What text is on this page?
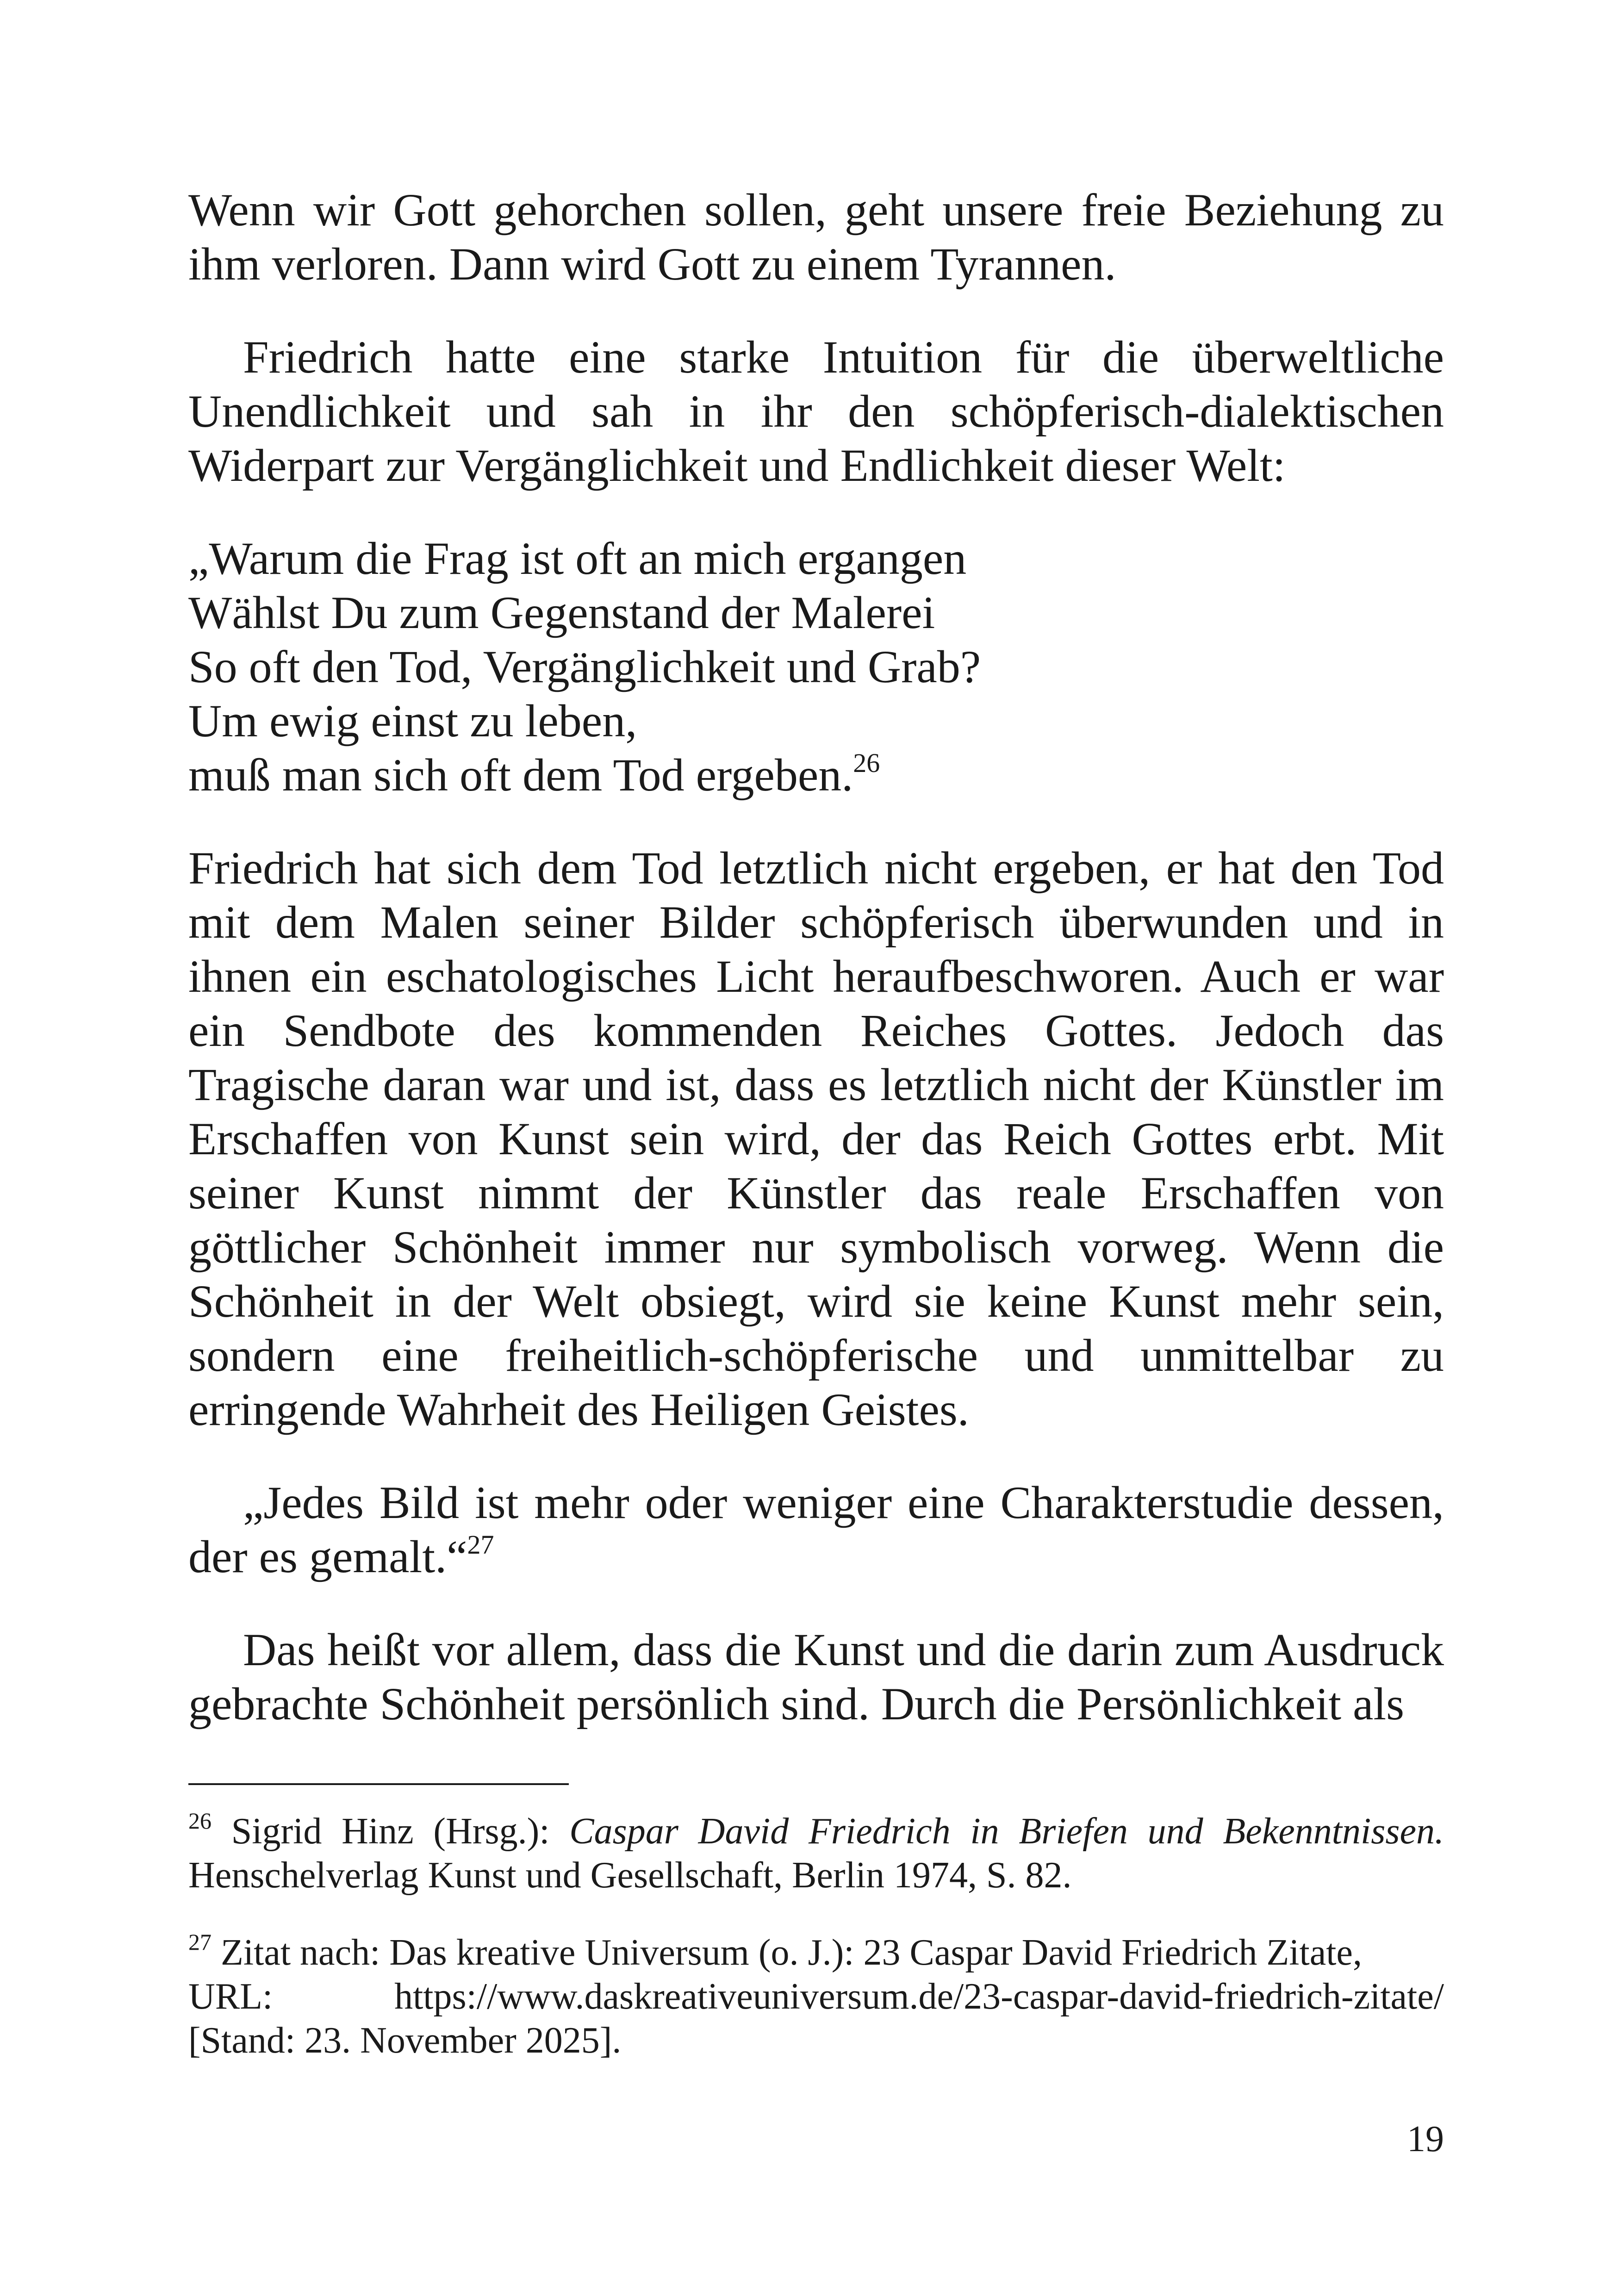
Wenn wir Gott gehorchen sollen, geht unsere freie Beziehung zu ihm verloren. Dann wird Gott zu einem Tyrannen.

Friedrich hatte eine starke Intuition für die überweltliche Unendlichkeit und sah in ihr den schöpferisch-dialektischen Widerpart zur Vergänglichkeit und Endlichkeit dieser Welt:

„Warum die Frag ist oft an mich ergangen
Wählst Du zum Gegenstand der Malerei
So oft den Tod, Vergänglichkeit und Grab?
Um ewig einst zu leben,
muß man sich oft dem Tod ergeben.$^{26}$

Friedrich hat sich dem Tod letztlich nicht ergeben, er hat den Tod mit dem Malen seiner Bilder schöpferisch überwunden und in ihnen ein eschatologisches Licht heraufbeschworen. Auch er war ein Sendbote des kommenden Reiches Gottes. Jedoch das Tragische daran war und ist, dass es letztlich nicht der Künstler im Erschaffen von Kunst sein wird, der das Reich Gottes erbt. Mit seiner Kunst nimmt der Künstler das reale Erschaffen von göttlicher Schönheit immer nur symbolisch vorweg. Wenn die Schönheit in der Welt obsiegt, wird sie keine Kunst mehr sein, sondern eine freiheitlich-schöpferische und unmittelbar zu erringende Wahrheit des Heiligen Geistes.

„Jedes Bild ist mehr oder weniger eine Charakterstudie dessen, der es gemalt.“$^{27}$

Das heißt vor allem, dass die Kunst und die darin zum Ausdruck gebrachte Schönheit persönlich sind. Durch die Persönlichkeit als

$^{26}$ Sigrid Hinz (Hrsg.): Caspar David Friedrich in Briefen und Bekenntnissen. Henschelverlag Kunst und Gesellschaft, Berlin 1974, S. 82.

$^{27}$ Zitat nach: Das kreative Universum (o. J.): 23 Caspar David Friedrich Zitate,
URL:	https://www.daskreativeuniversum.de/23-caspar-david-friedrich-zitate/
[Stand: 23. November 2025].
19
